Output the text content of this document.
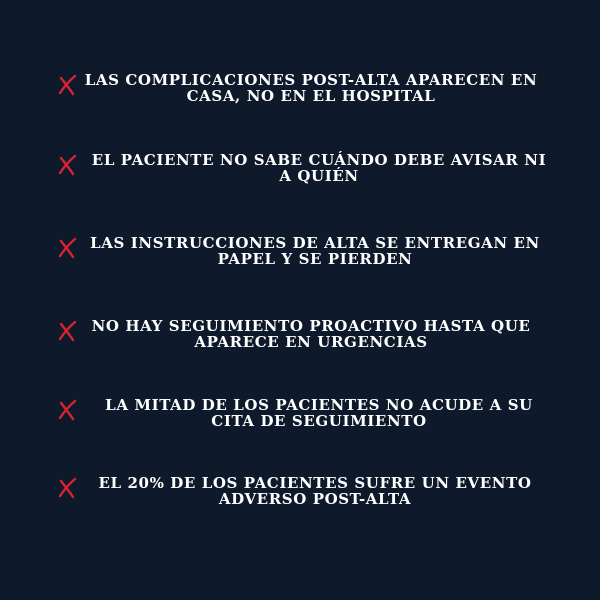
LAS COMPLICACIONES POST-ALTA APARECEN EN CASA, NO EN EL HOSPITAL
EL PACIENTE NO SABE CUÁNDO DEBE AVISAR NI A QUIÉN
LAS INSTRUCCIONES DE ALTA SE ENTREGAN EN PAPEL Y SE PIERDEN
NO HAY SEGUIMIENTO PROACTIVO HASTA QUE APARECE EN URGENCIAS
LA MITAD DE LOS PACIENTES NO ACUDE A SU CITA DE SEGUIMIENTO
EL 20% DE LOS PACIENTES SUFRE UN EVENTO ADVERSO POST-ALTA
